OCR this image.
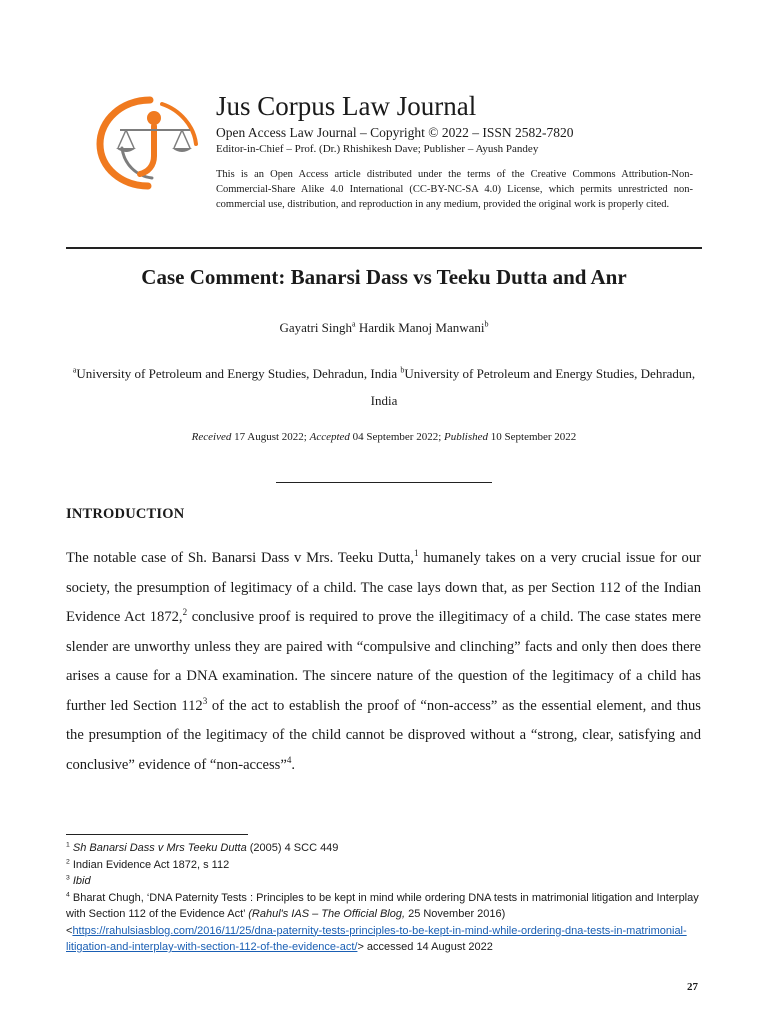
Jus Corpus Law Journal
Open Access Law Journal – Copyright © 2022 – ISSN 2582-7820
Editor-in-Chief – Prof. (Dr.) Rhishikesh Dave; Publisher – Ayush Pandey
This is an Open Access article distributed under the terms of the Creative Commons Attribution-Non-Commercial-Share Alike 4.0 International (CC-BY-NC-SA 4.0) License, which permits unrestricted non-commercial use, distribution, and reproduction in any medium, provided the original work is properly cited.
Case Comment: Banarsi Dass vs Teeku Dutta and Anr
Gayatri Singh$^a$ Hardik Manoj Manwani$^b$
$^a$University of Petroleum and Energy Studies, Dehradun, India $^b$University of Petroleum and Energy Studies, Dehradun, India
Received 17 August 2022; Accepted 04 September 2022; Published 10 September 2022
INTRODUCTION
The notable case of Sh. Banarsi Dass v Mrs. Teeku Dutta,$^1$ humanely takes on a very crucial issue for our society, the presumption of legitimacy of a child. The case lays down that, as per Section 112 of the Indian Evidence Act 1872,$^2$ conclusive proof is required to prove the illegitimacy of a child. The case states mere slender are unworthy unless they are paired with “compulsive and clinching” facts and only then does there arises a cause for a DNA examination. The sincere nature of the question of the legitimacy of a child has further led Section $112^3$ of the act to establish the proof of “non-access” as the essential element, and thus the presumption of the legitimacy of the child cannot be disproved without a “strong, clear, satisfying and conclusive” evidence of “non-access”$^4$.

$^1$ Sh Banarsi Dass v Mrs Teeku Dutta (2005) 4 SCC 449

$^2$ Indian Evidence Act 1872, s 112

$^3$ Ibid

$^4$ Bharat Chugh, ‘DNA Paternity Tests : Principles to be kept in mind while ordering DNA tests in matrimonial litigation and Interplay with Section 112 of the Evidence Act’ (Rahul's IAS – The Official Blog, 25 November 2016)
<https://rahulsiasblog.com/2016/11/25/dna-paternity-tests-principles-to-be-kept-in-mind-while-ordering-dna-tests-in-matrimonial-litigation-and-interplay-with-section-112-of-the-evidence-act/> accessed 14 August 2022

27
